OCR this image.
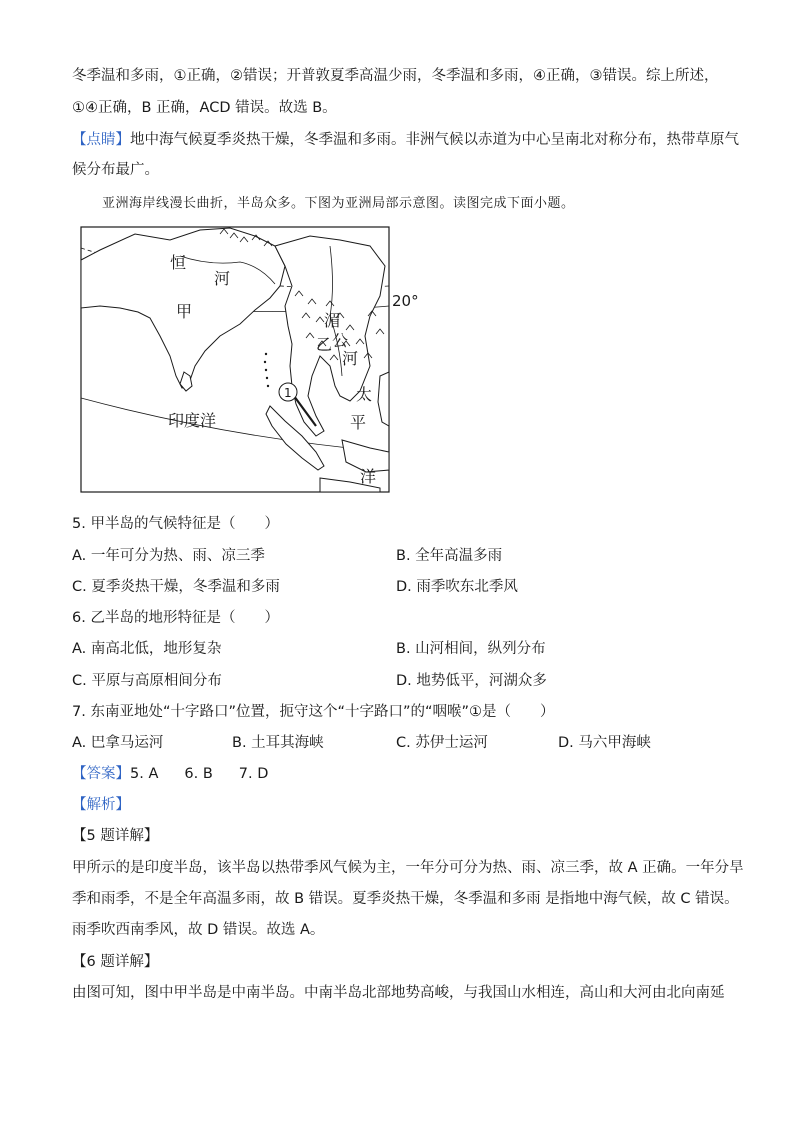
冬季温和多雨，①正确，②错误；开普敦夏季高温少雨，冬季温和多雨，④正确，③错误。综上所述，
①④正确，B 正确，ACD 错误。故选 B。
【点睛】地中海气候夏季炎热干燥，冬季温和多雨。非洲气候以赤道为中心呈南北对称分布，热带草原气
候分布最广。
亚洲海岸线漫长曲折，半岛众多。下图为亚洲局部示意图。读图完成下面小题。
恒
河
甲	湄
乙 公
河
太
平
洋
印度洋
1
20°
5. 甲半岛的气候特征是（　　）
A. 一年可分为热、雨、凉三季	B. 全年高温多雨
C. 夏季炎热干燥，冬季温和多雨	D. 雨季吹东北季风
6. 乙半岛的地形特征是（　　）
A. 南高北低，地形复杂	B. 山河相间，纵列分布
C. 平原与高原相间分布	D. 地势低平，河湖众多
7. 东南亚地处“十字路口”位置，扼守这个“十字路口”的“咽喉”①是（　　）
A. 巴拿马运河	B. 土耳其海峡	C. 苏伊士运河	D. 马六甲海峡
【答案】5. A 6. B 7. D
【解析】
【5 题详解】
甲所示的是印度半岛，该半岛以热带季风气候为主，一年分可分为热、雨、凉三季，故 A 正确。一年分旱
季和雨季，不是全年高温多雨，故 B 错误。夏季炎热干燥，冬季温和多雨 是指地中海气候，故 C 错误。
雨季吹西南季风，故 D 错误。故选 A。
【6 题详解】
由图可知，图中甲半岛是中南半岛。中南半岛北部地势高峻，与我国山水相连，高山和大河由北向南延
